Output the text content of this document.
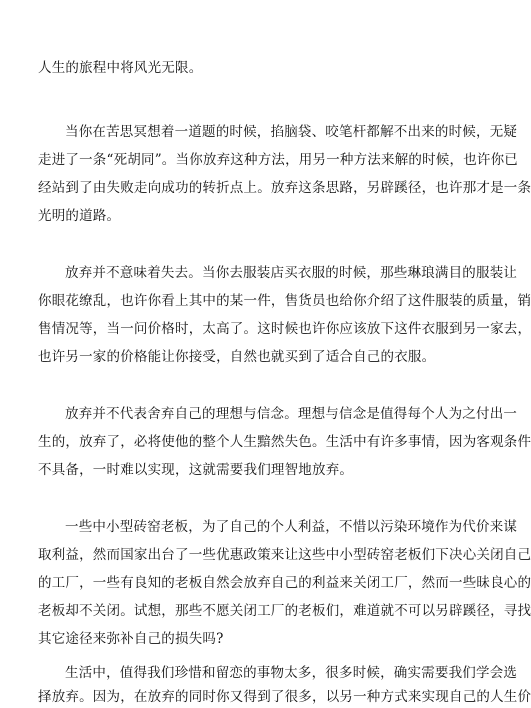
人生的旅程中将风光无限。
当你在苦思冥想着一道题的时候，掐脑袋、咬笔杆都解不出来的时候，无疑
走进了一条“死胡同”。当你放弃这种方法，用另一种方法来解的时候，也许你已
经站到了由失败走向成功的转折点上。放弃这条思路，另辟蹊径，也许那才是一条
光明的道路。
放弃并不意味着失去。当你去服装店买衣服的时候，那些琳琅满目的服装让
你眼花缭乱，也许你看上其中的某一件，售货员也给你介绍了这件服装的质量，销
售情况等，当一问价格时，太高了。这时候也许你应该放下这件衣服到另一家去，
也许另一家的价格能让你接受，自然也就买到了适合自己的衣服。
放弃并不代表舍弃自己的理想与信念。理想与信念是值得每个人为之付出一
生的，放弃了，必将使他的整个人生黯然失色。生活中有许多事情，因为客观条件
不具备，一时难以实现，这就需要我们理智地放弃。
一些中小型砖窑老板，为了自己的个人利益，不惜以污染环境作为代价来谋
取利益，然而国家出台了一些优惠政策来让这些中小型砖窑老板们下决心关闭自己
的工厂，一些有良知的老板自然会放弃自己的利益来关闭工厂，然而一些昧良心的
老板却不关闭。试想，那些不愿关闭工厂的老板们，难道就不可以另辟蹊径，寻找
其它途径来弥补自己的损失吗?
生活中，值得我们珍惜和留恋的事物太多，很多时候，确实需要我们学会选
择放弃。因为，在放弃的同时你又得到了很多，以另一种方式来实现自己的人生价
